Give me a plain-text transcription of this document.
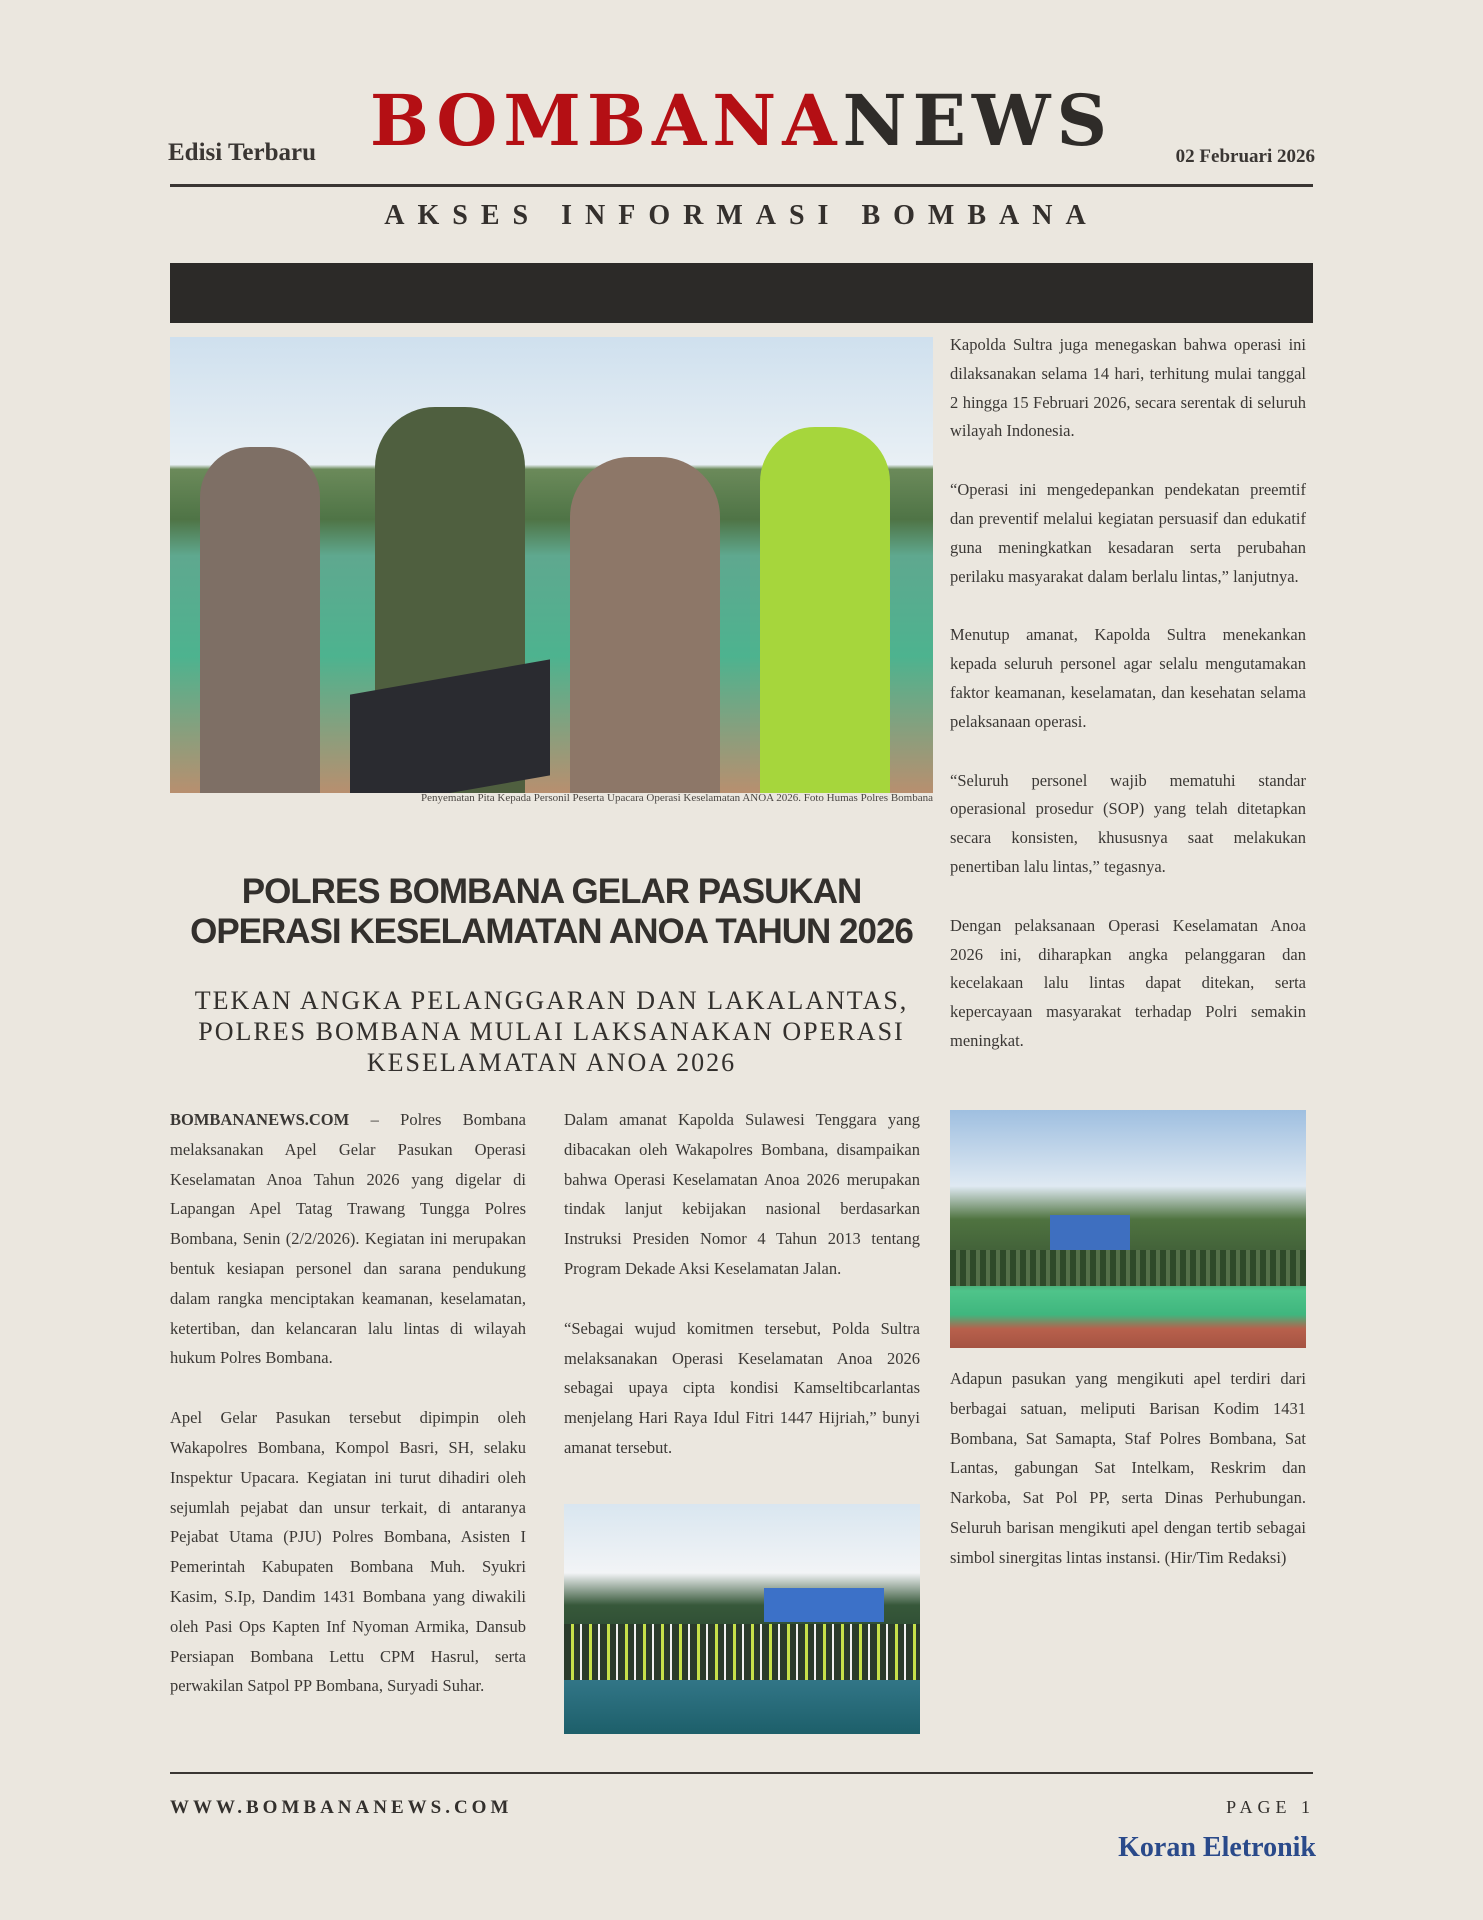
Edisi Terbaru BOMBANANEWS	02 Februari 2026
AKSES INFORMASI BOMBANA
Penyematan Pita Kepada Personil Peserta Upacara Operasi Keselamatan ANOA 2026. Foto Humas Polres Bombana
POLRES BOMBANA GELAR PASUKAN OPERASI KESELAMATAN ANOA TAHUN 2026
TEKAN ANGKA PELANGGARAN DAN LAKALANTAS, POLRES BOMBANA MULAI LAKSANAKAN OPERASI KESELAMATAN ANOA 2026

BOMBANANEWS.COM – Polres Bombana melaksanakan Apel Gelar Pasukan Operasi Keselamatan Anoa Tahun 2026 yang digelar di Lapangan Apel Tatag Trawang Tungga Polres Bombana, Senin (2/2/2026). Kegiatan ini merupakan bentuk kesiapan personel dan sarana pendukung dalam rangka menciptakan keamanan, keselamatan, ketertiban, dan kelancaran lalu lintas di wilayah hukum Polres Bombana.

Apel Gelar Pasukan tersebut dipimpin oleh Wakapolres Bombana, Kompol Basri, SH, selaku Inspektur Upacara. Kegiatan ini turut dihadiri oleh sejumlah pejabat dan unsur terkait, di antaranya Pejabat Utama (PJU) Polres Bombana, Asisten I Pemerintah Kabupaten Bombana Muh. Syukri Kasim, S.Ip, Dandim 1431 Bombana yang diwakili oleh Pasi Ops Kapten Inf Nyoman Armika, Dansub Persiapan Bombana Lettu CPM Hasrul, serta perwakilan Satpol PP Bombana, Suryadi Suhar.

Dalam amanat Kapolda Sulawesi Tenggara yang dibacakan oleh Wakapolres Bombana, disampaikan bahwa Operasi Keselamatan Anoa 2026 merupakan tindak lanjut kebijakan nasional berdasarkan Instruksi Presiden Nomor 4 Tahun 2013 tentang Program Dekade Aksi Keselamatan Jalan.

“Sebagai wujud komitmen tersebut, Polda Sultra melaksanakan Operasi Keselamatan Anoa 2026 sebagai upaya cipta kondisi Kamseltibcarlantas menjelang Hari Raya Idul Fitri 1447 Hijriah,” bunyi amanat tersebut.

Kapolda Sultra juga menegaskan bahwa operasi ini dilaksanakan selama 14 hari, terhitung mulai tanggal 2 hingga 15 Februari 2026, secara serentak di seluruh wilayah Indonesia.

“Operasi ini mengedepankan pendekatan preemtif dan preventif melalui kegiatan persuasif dan edukatif guna meningkatkan kesadaran serta perubahan perilaku masyarakat dalam berlalu lintas,” lanjutnya.

Menutup amanat, Kapolda Sultra menekankan kepada seluruh personel agar selalu mengutamakan faktor keamanan, keselamatan, dan kesehatan selama pelaksanaan operasi.

“Seluruh personel wajib mematuhi standar operasional prosedur (SOP) yang telah ditetapkan secara konsisten, khususnya saat melakukan penertiban lalu lintas,” tegasnya.

Dengan pelaksanaan Operasi Keselamatan Anoa 2026 ini, diharapkan angka pelanggaran dan kecelakaan lalu lintas dapat ditekan, serta kepercayaan masyarakat terhadap Polri semakin meningkat.

Adapun pasukan yang mengikuti apel terdiri dari berbagai satuan, meliputi Barisan Kodim 1431 Bombana, Sat Samapta, Staf Polres Bombana, Sat Lantas, gabungan Sat Intelkam, Reskrim dan Narkoba, Sat Pol PP, serta Dinas Perhubungan. Seluruh barisan mengikuti apel dengan tertib sebagai simbol sinergitas lintas instansi. (Hir/Tim Redaksi)

WWW.BOMBANANEWS.COM	PAGE 1
Koran Eletronik
